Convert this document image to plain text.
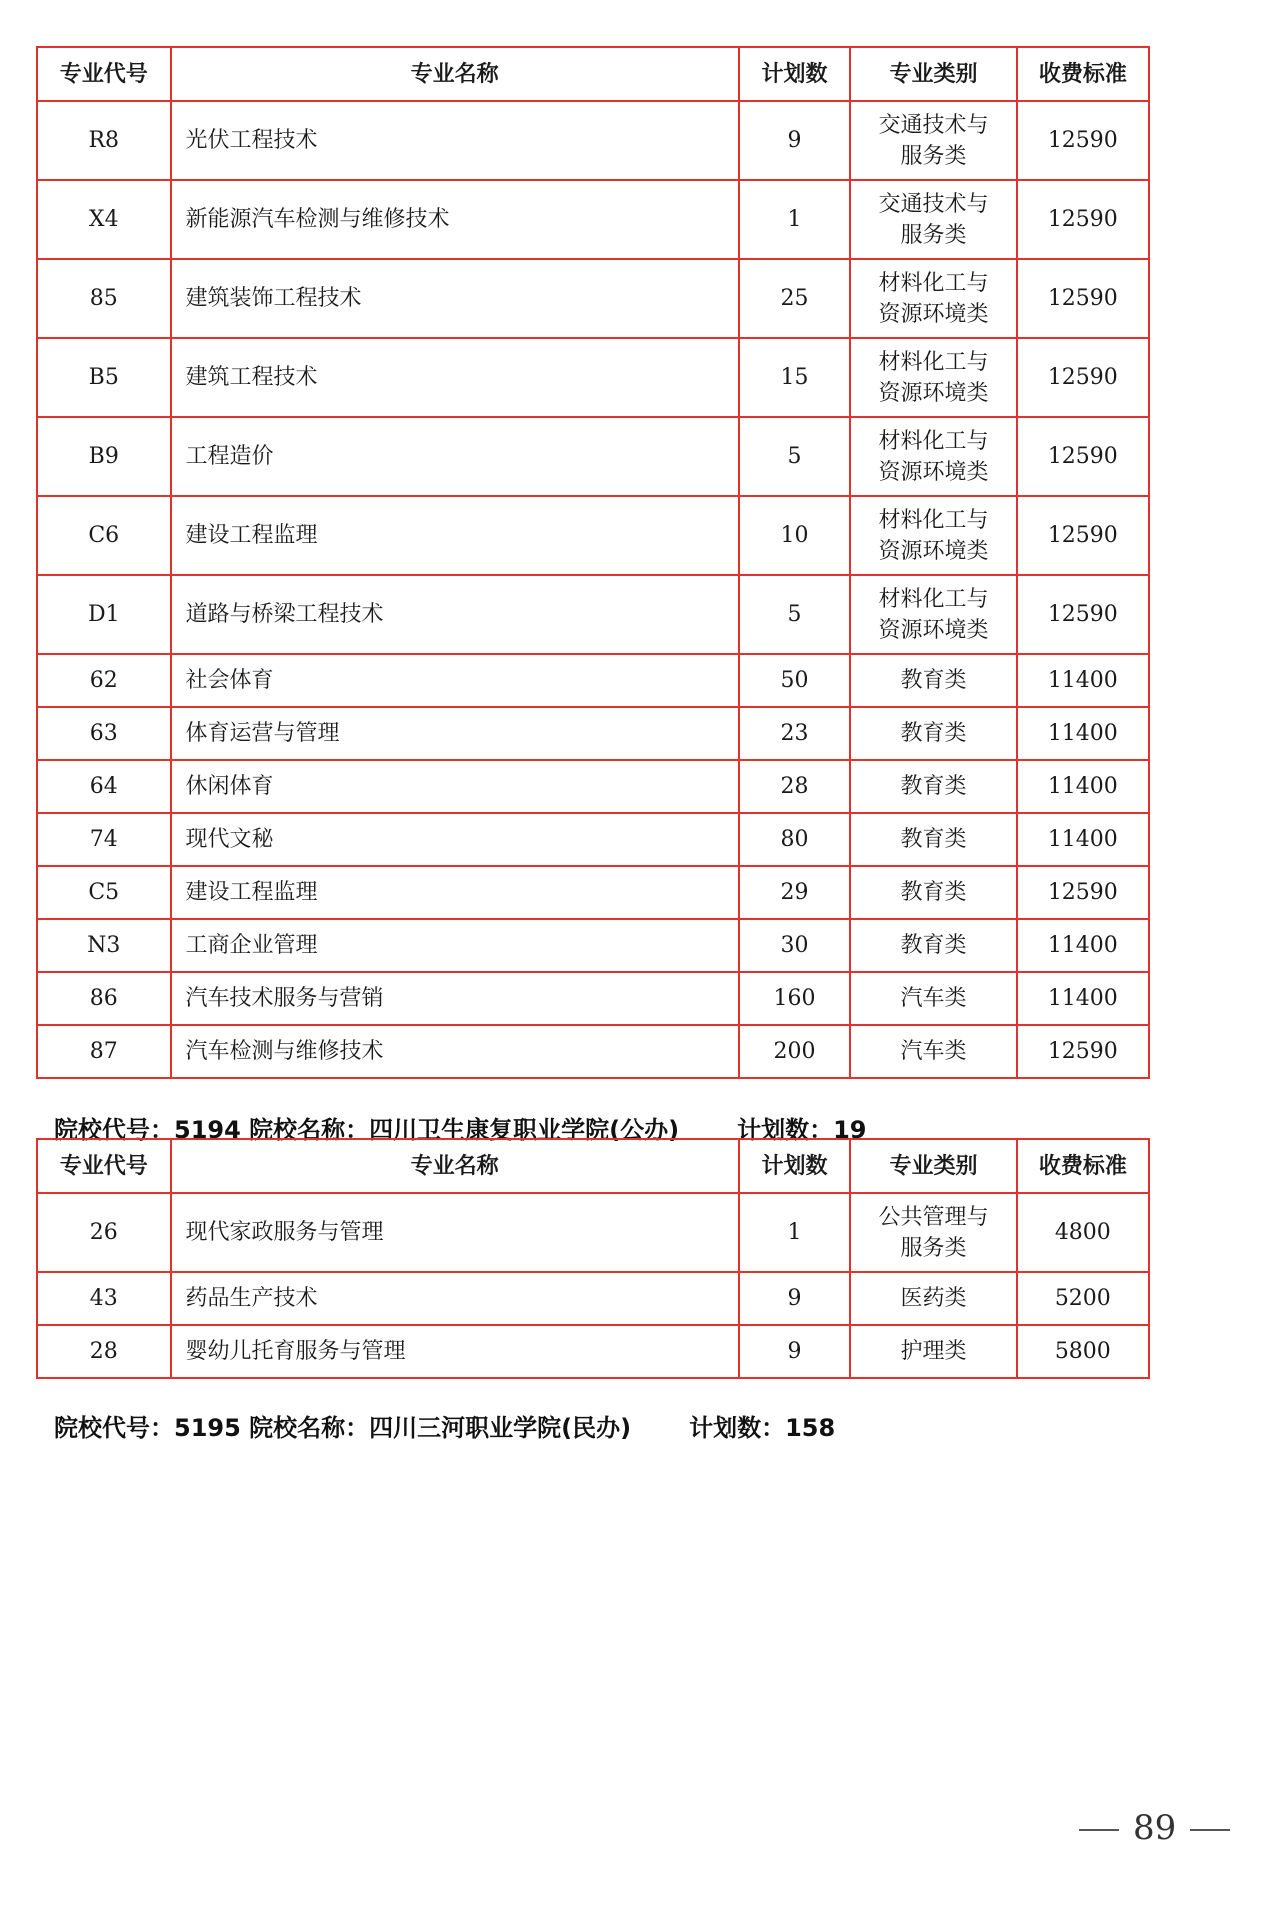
专业代号	专业名称	计划数	专业类别	收费标准
R8	光伏工程技术	9	交通技术与服务类	12590
X4	新能源汽车检测与维修技术	1	交通技术与服务类	12590
85	建筑装饰工程技术	25	材料化工与资源环境类	12590
B5	建筑工程技术	15	材料化工与资源环境类	12590
B9	工程造价	5	材料化工与资源环境类	12590
C6	建设工程监理	10	材料化工与资源环境类	12590
D1	道路与桥梁工程技术	5	材料化工与资源环境类	12590
62	社会体育	50	教育类	11400
63	体育运营与管理	23	教育类	11400
64	休闲体育	28	教育类	11400
74	现代文秘	80	教育类	11400
C5	建设工程监理	29	教育类	12590
N3	工商企业管理	30	教育类	11400
86	汽车技术服务与营销	160	汽车类	11400
87	汽车检测与维修技术	200	汽车类	12590
院校代号：5194 院校名称：四川卫生康复职业学院(公办) 计划数：19
专业代号	专业名称	计划数	专业类别	收费标准
26	现代家政服务与管理	1	公共管理与服务类	4800
43	药品生产技术	9	医药类	5200
28	婴幼儿托育服务与管理	9	护理类	5800
院校代号：5195 院校名称：四川三河职业学院(民办) 计划数：158
89
